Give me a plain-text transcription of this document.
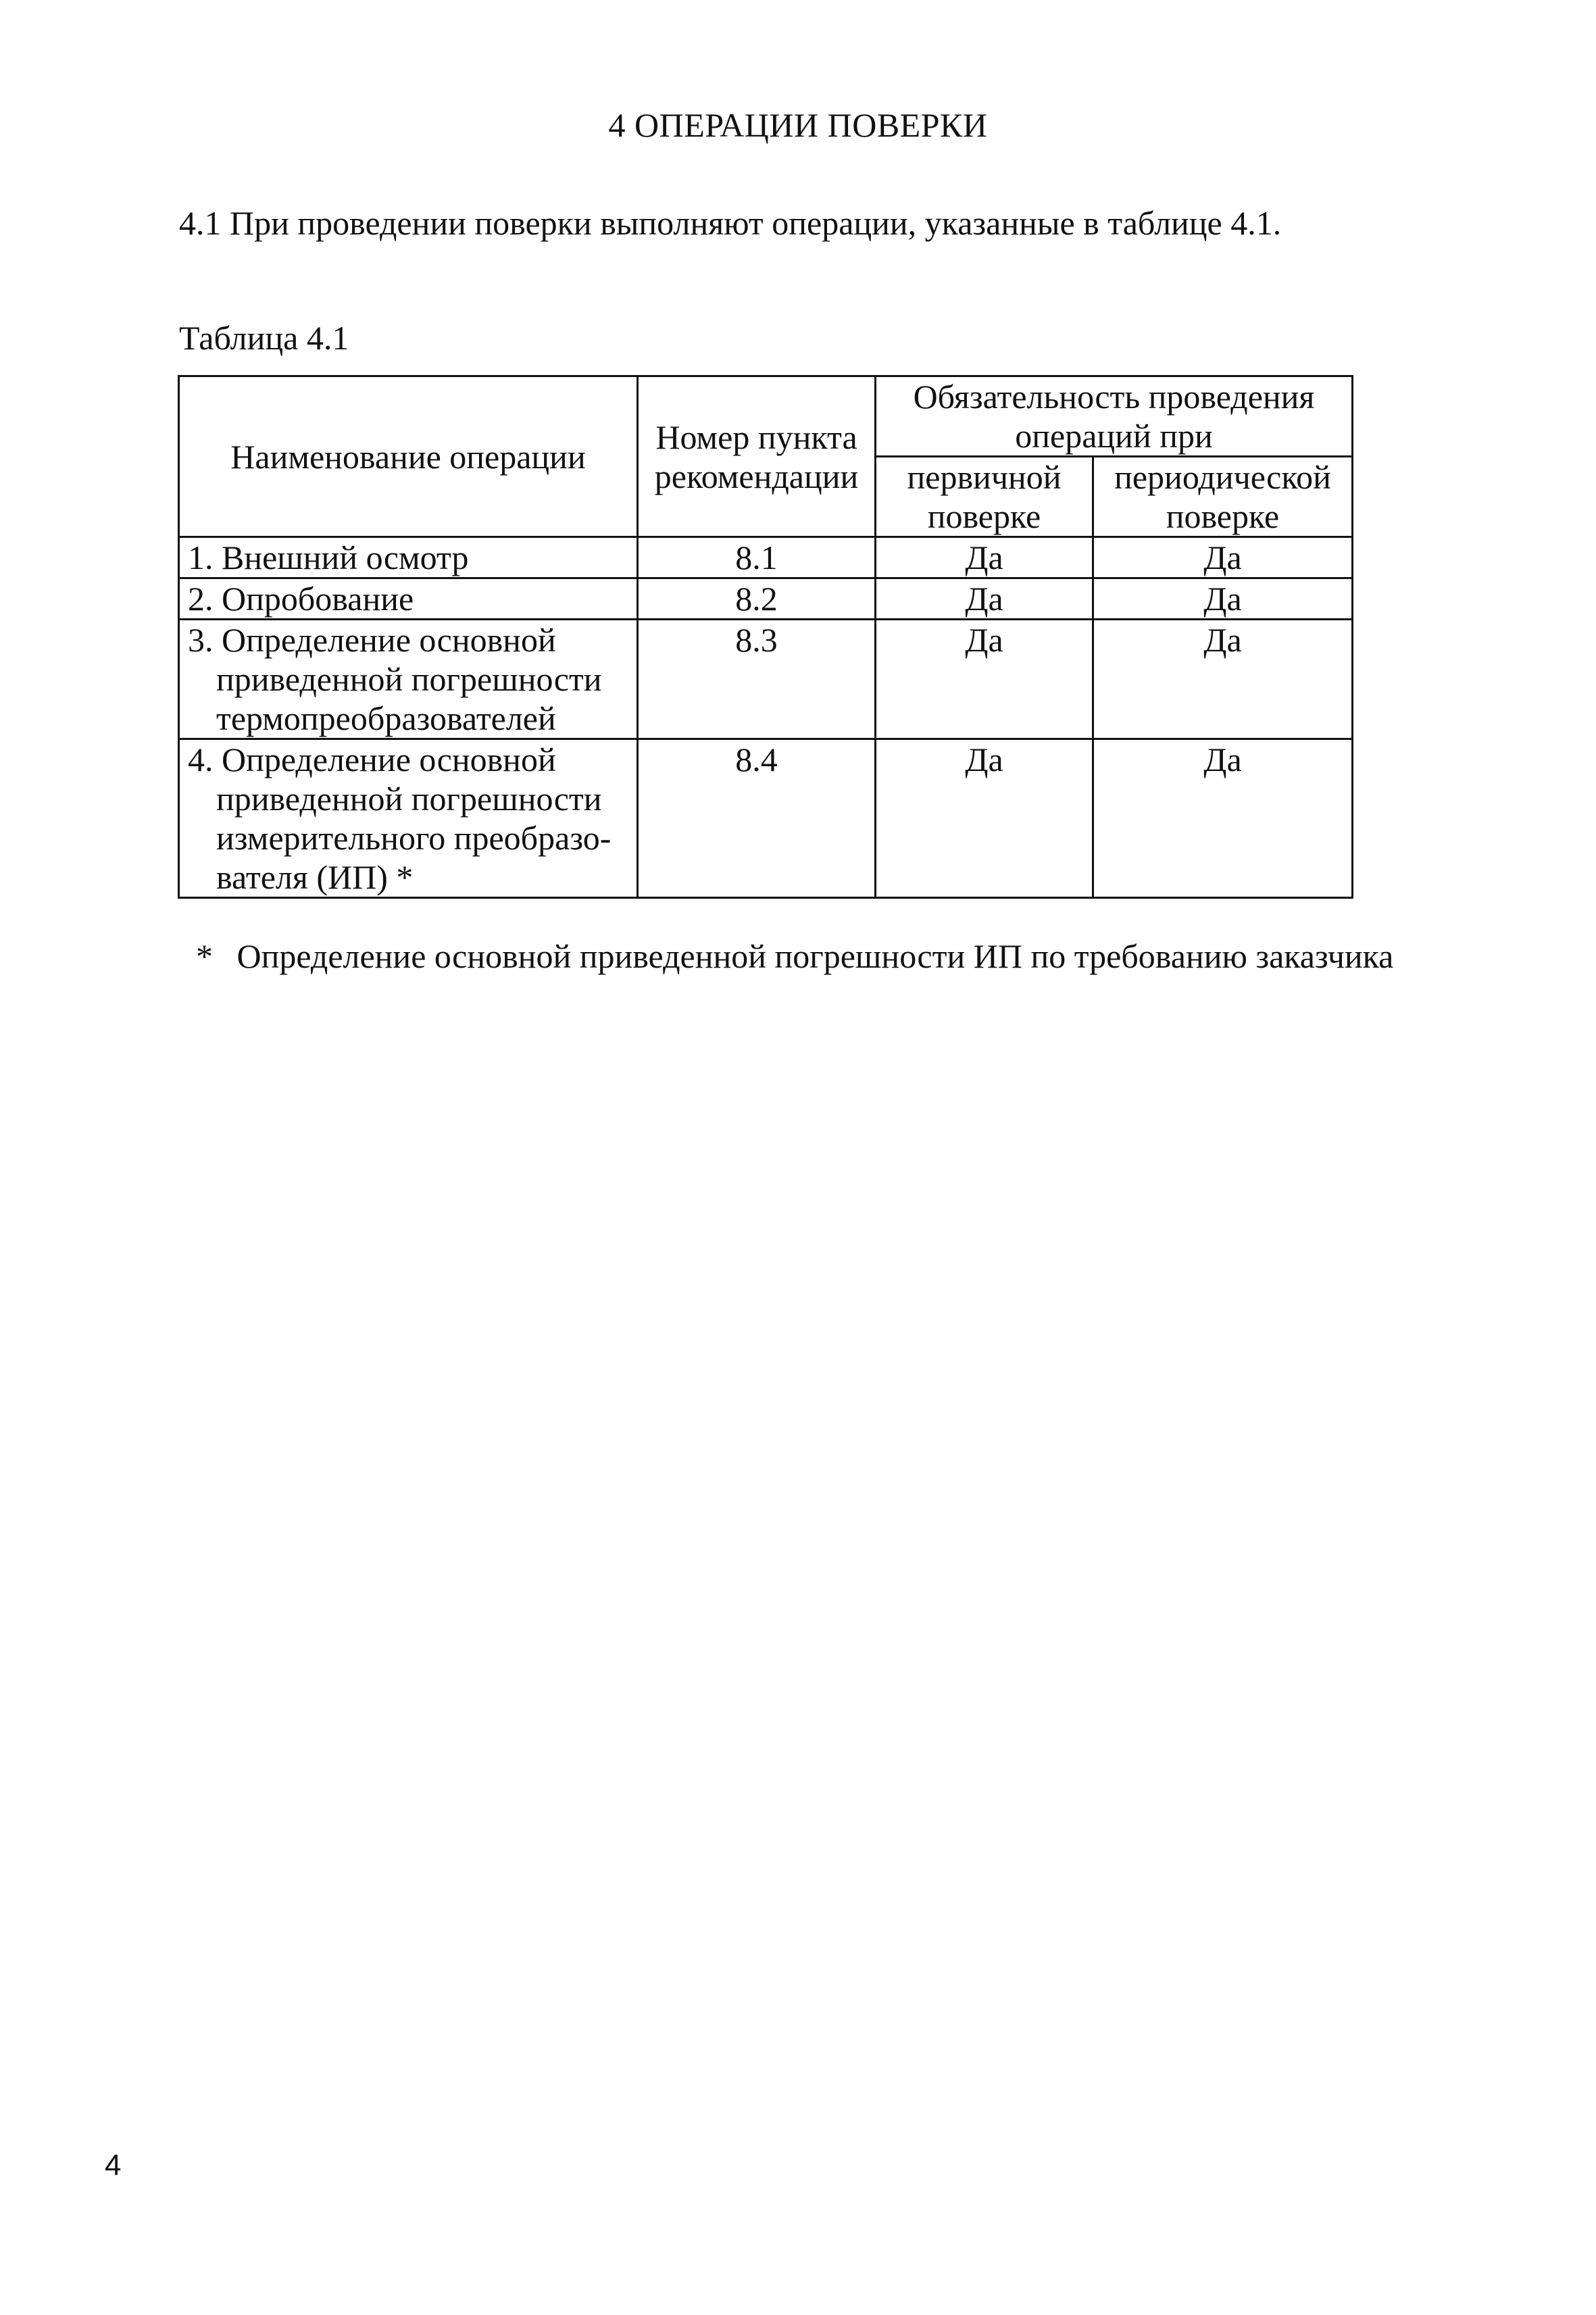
4 ОПЕРАЦИИ ПОВЕРКИ
4.1 При проведении поверки выполняют операции, указанные в таблице 4.1.
Таблица 4.1
Наименование операции	Номер пункта рекомендации	Обязательность проведения операций при	
		первичной поверке	периодической поверке

1. Внешний осмотр	8.1	Да	Да

2. Опробование	8.2	Да	Да

3. Определение основной
приведенной погрешности
термопреобразователей	8.3	Да	Да

4. Определение основной
приведенной погрешности
измерительного преобразо-
вателя (ИП) *	8.4	Да	Да
* Определение основной приведенной погрешности ИП по требованию заказчика
4
